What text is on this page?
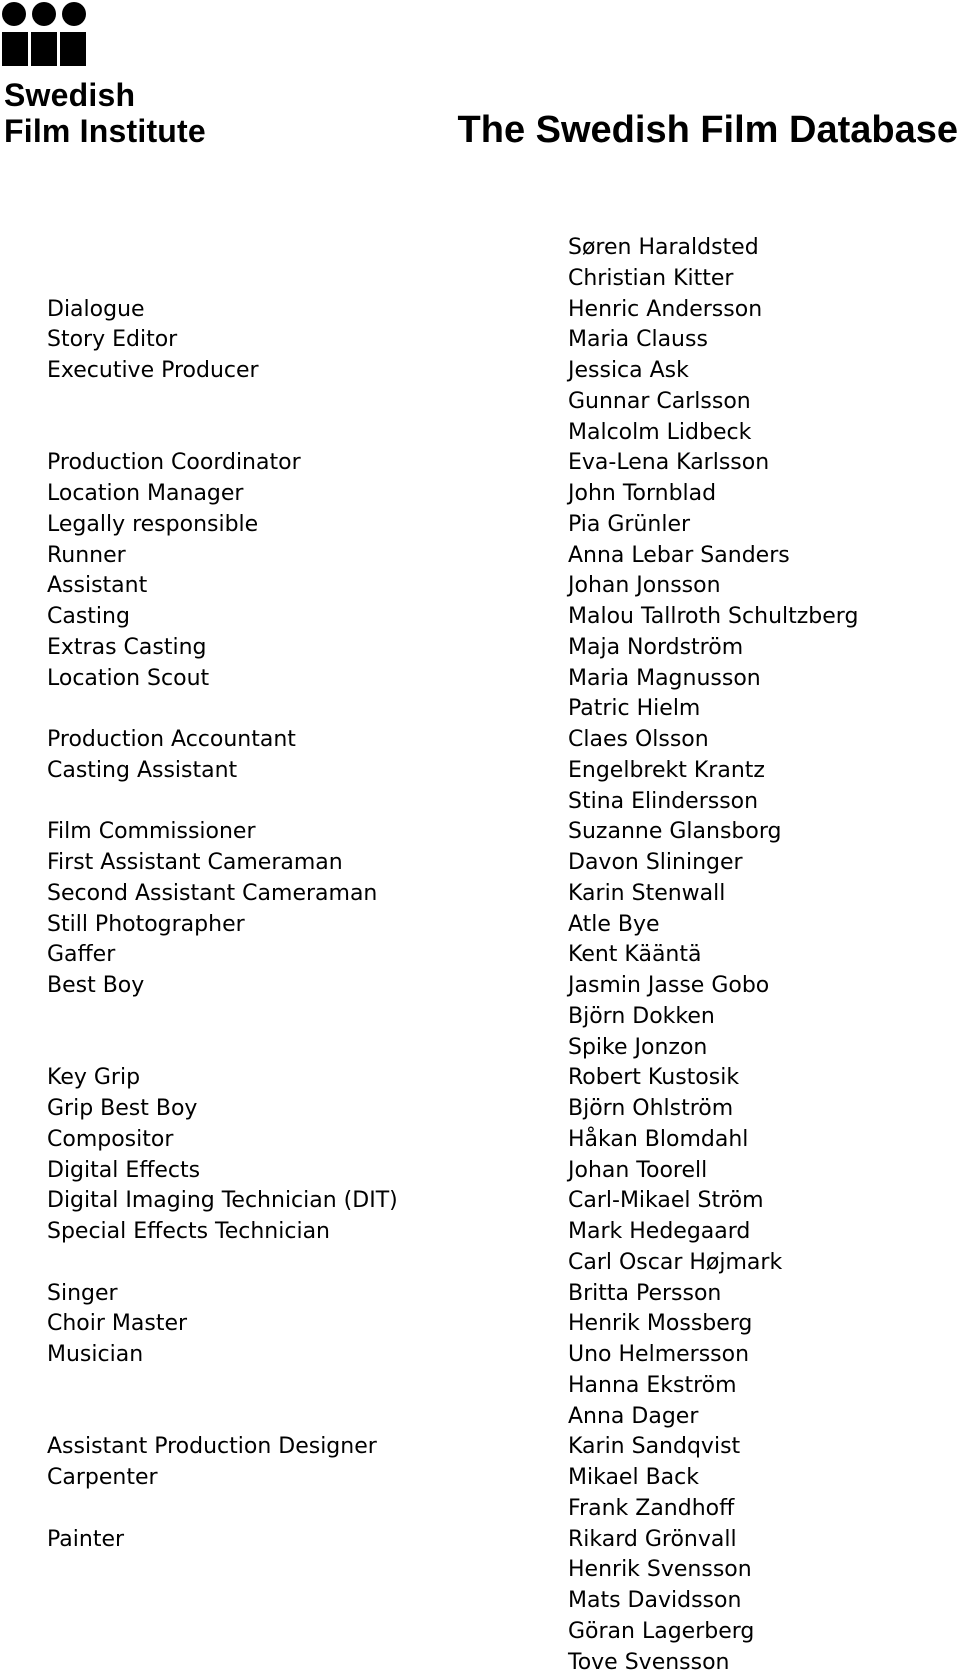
Swedish
Film Institute	The Swedish Film Database
Søren Haraldsted
Christian Kitter
Dialogue	Henric Andersson
Story Editor	Maria Clauss
Executive Producer	Jessica Ask
Gunnar Carlsson
Malcolm Lidbeck
Production Coordinator	Eva-Lena Karlsson
Location Manager	John Tornblad
Legally responsible	Pia Grünler
Runner	Anna Lebar Sanders
Assistant	Johan Jonsson
Casting	Malou Tallroth Schultzberg
Extras Casting	Maja Nordström
Location Scout	Maria Magnusson
Patric Hielm
Production Accountant	Claes Olsson
Casting Assistant	Engelbrekt Krantz
Stina Elindersson
Film Commissioner	Suzanne Glansborg
First Assistant Cameraman	Davon Slininger
Second Assistant Cameraman	Karin Stenwall
Still Photographer	Atle Bye
Gaffer	Kent Kääntä
Best Boy	Jasmin Jasse Gobo
Björn Dokken
Spike Jonzon
Key Grip	Robert Kustosik
Grip Best Boy	Björn Ohlström
Compositor	Håkan Blomdahl
Digital Effects	Johan Toorell
Digital Imaging Technician (DIT)	Carl-Mikael Ström
Special Effects Technician	Mark Hedegaard
Carl Oscar Højmark
Singer	Britta Persson
Choir Master	Henrik Mossberg
Musician	Uno Helmersson
Hanna Ekström
Anna Dager
Assistant Production Designer	Karin Sandqvist
Carpenter	Mikael Back
Frank Zandhoff
Painter	Rikard Grönvall
Henrik Svensson
Mats Davidsson
Göran Lagerberg
Tove Svensson
